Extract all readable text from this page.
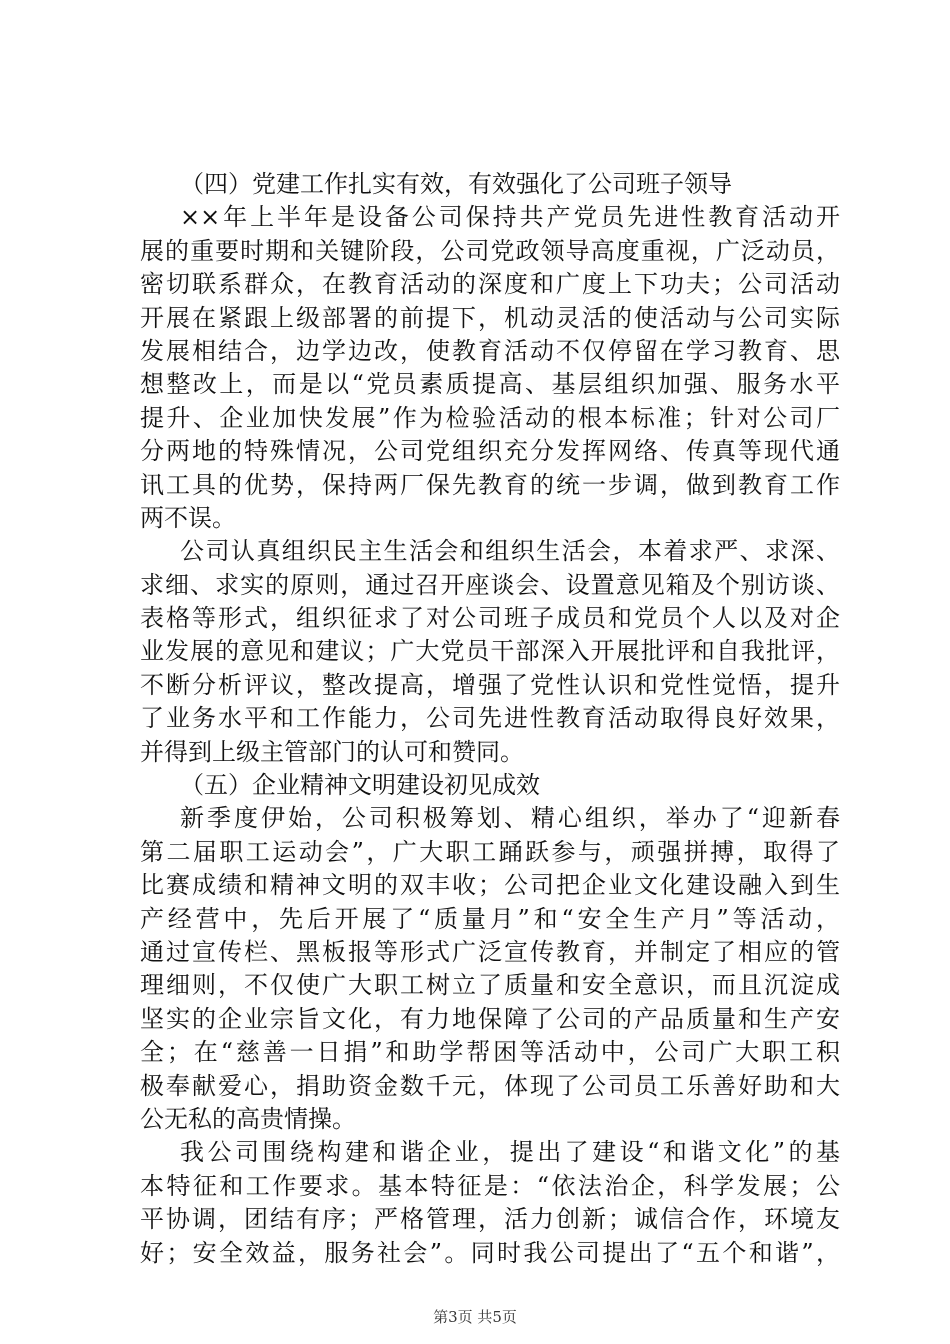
（四）党建工作扎实有效，有效强化了公司班子领导
××年上半年是设备公司保持共产党员先进性教育活动开
展的重要时期和关键阶段，公司党政领导高度重视，广泛动员，
密切联系群众，在教育活动的深度和广度上下功夫；公司活动
开展在紧跟上级部署的前提下，机动灵活的使活动与公司实际
发展相结合，边学边改，使教育活动不仅停留在学习教育、思
想整改上，而是以“党员素质提高、基层组织加强、服务水平
提升、企业加快发展”作为检验活动的根本标准；针对公司厂
分两地的特殊情况，公司党组织充分发挥网络、传真等现代通
讯工具的优势，保持两厂保先教育的统一步调，做到教育工作
两不误。
公司认真组织民主生活会和组织生活会，本着求严、求深、
求细、求实的原则，通过召开座谈会、设置意见箱及个别访谈、
表格等形式，组织征求了对公司班子成员和党员个人以及对企
业发展的意见和建议；广大党员干部深入开展批评和自我批评，
不断分析评议，整改提高，增强了党性认识和党性觉悟，提升
了业务水平和工作能力，公司先进性教育活动取得良好效果，
并得到上级主管部门的认可和赞同。
（五）企业精神文明建设初见成效
新季度伊始，公司积极筹划、精心组织，举办了“迎新春
第二届职工运动会”，广大职工踊跃参与，顽强拼搏，取得了
比赛成绩和精神文明的双丰收；公司把企业文化建设融入到生
产经营中，先后开展了“质量月”和“安全生产月”等活动，
通过宣传栏、黑板报等形式广泛宣传教育，并制定了相应的管
理细则，不仅使广大职工树立了质量和安全意识，而且沉淀成
坚实的企业宗旨文化，有力地保障了公司的产品质量和生产安
全；在“慈善一日捐”和助学帮困等活动中，公司广大职工积
极奉献爱心，捐助资金数千元，体现了公司员工乐善好助和大
公无私的高贵情操。
我公司围绕构建和谐企业，提出了建设“和谐文化”的基
本特征和工作要求。基本特征是：“依法治企，科学发展；公
平协调，团结有序；严格管理，活力创新；诚信合作，环境友
好；安全效益，服务社会”。同时我公司提出了“五个和谐”，
第3页 共5页
